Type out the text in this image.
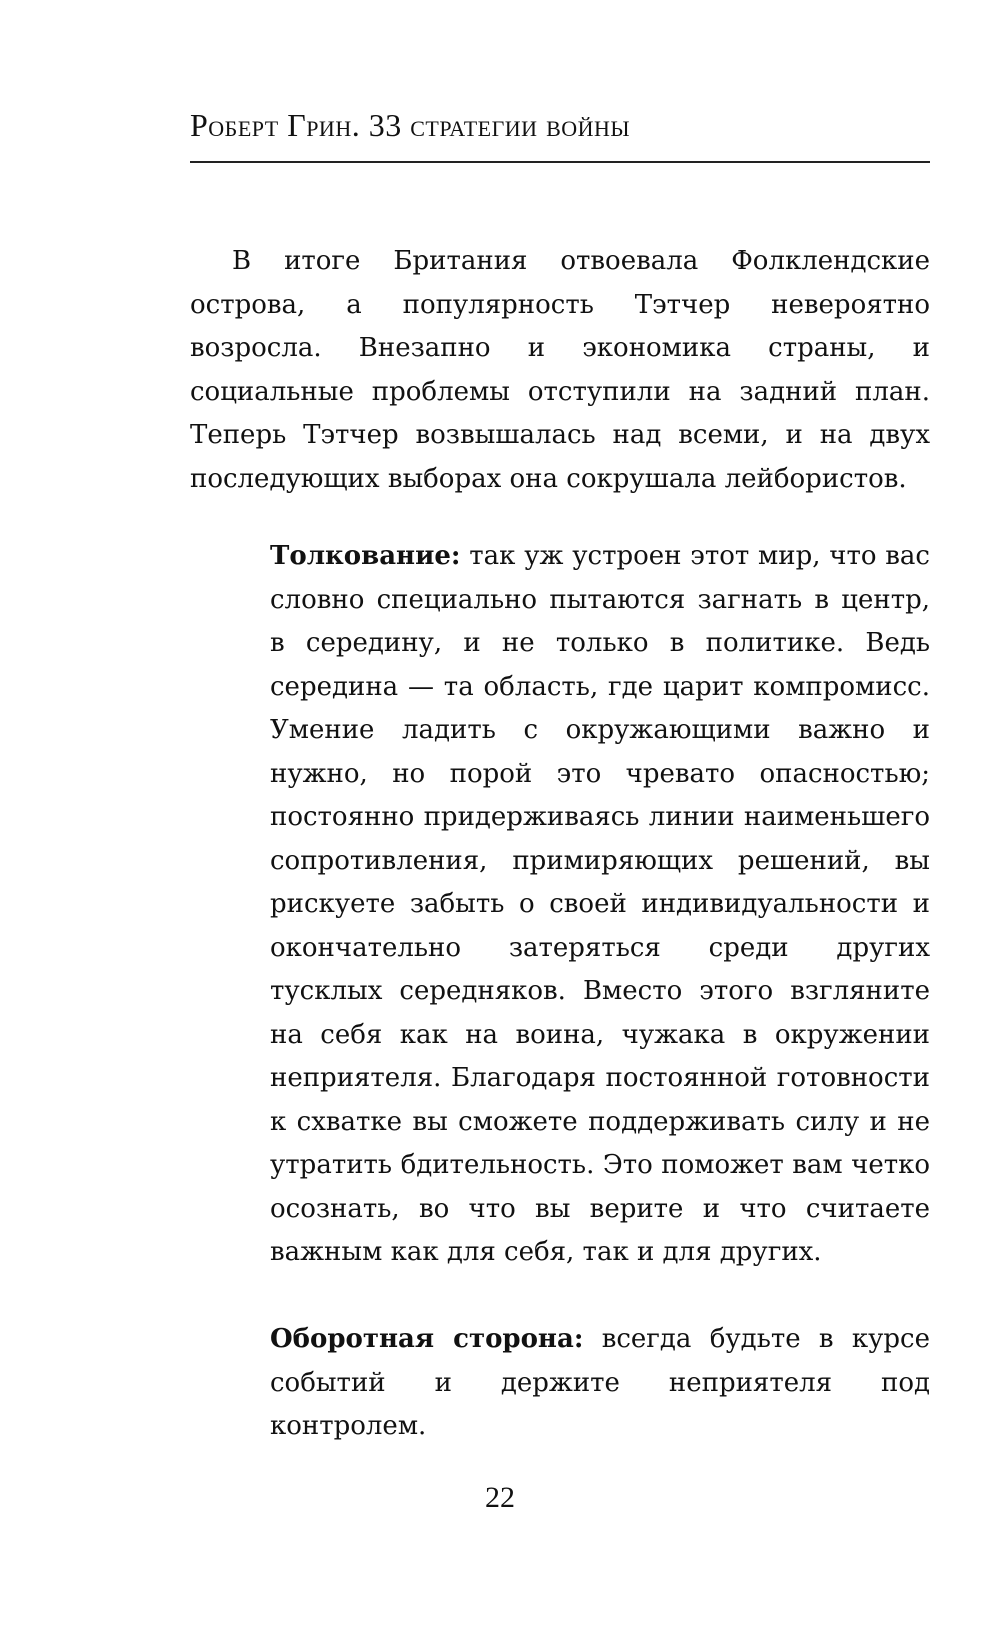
Роберт Грин. 33 стратегии войны

В итоге Британия отвоевала Фолклендские острова, а популярность Тэтчер невероятно возросла. Внезапно и экономика страны, и социальные проблемы отступили на задний план. Теперь Тэтчер возвышалась над всеми, и на двух последующих выборах она сокрушала лейбористов.

Толкование: так уж устроен этот мир, что вас словно специально пытаются загнать в центр, в середину, и не только в политике. Ведь середина — та область, где царит компромисс. Умение ладить с окружающими важно и нужно, но порой это чревато опасностью; постоянно придерживаясь линии наименьшего сопротивления, примиряющих решений, вы рискуете забыть о своей индивидуальности и окончательно затеряться среди других тусклых середняков. Вместо этого взгляните на себя как на воина, чужака в окружении неприятеля. Благодаря постоянной готовности к схватке вы сможете поддерживать силу и не утратить бдительность. Это поможет вам четко осознать, во что вы верите и что считаете важным как для себя, так и для других.

Оборотная сторона: всегда будьте в курсе событий и держите неприятеля под контролем.

22
